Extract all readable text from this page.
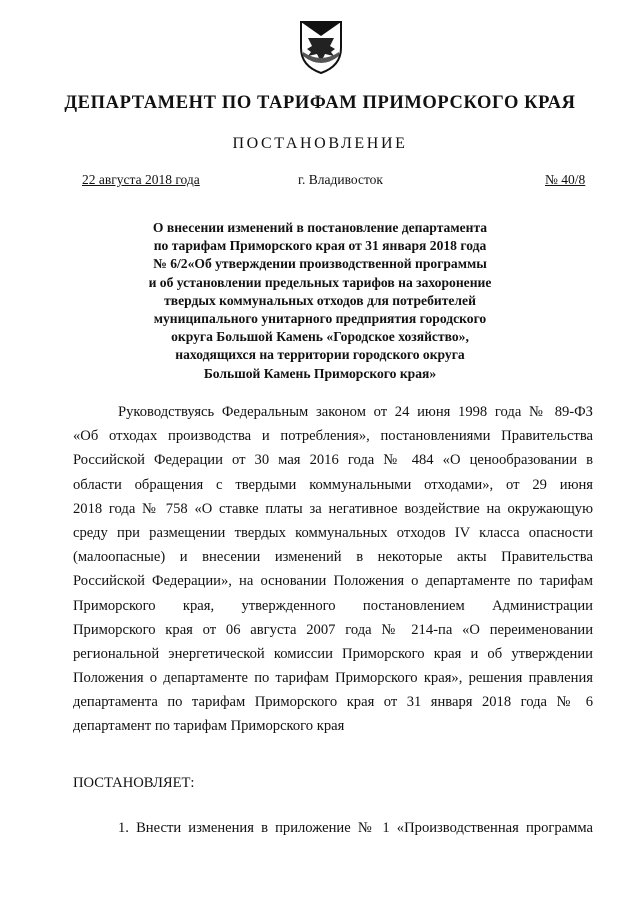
ДЕПАРТАМЕНТ ПО ТАРИФАМ ПРИМОРСКОГО КРАЯ
ПОСТАНОВЛЕНИЕ
22 августа 2018 года	г. Владивосток	№ 40/8
О внесении изменений в постановление департамента
по тарифам Приморского края от 31 января 2018 года
№ 6/2«Об утверждении производственной программы
и об установлении предельных тарифов на захоронение
твердых коммунальных отходов для потребителей
муниципального унитарного предприятия городского
округа Большой Камень «Городское хозяйство»,
находящихся на территории городского округа
Большой Камень Приморского края»
Руководствуясь Федеральным законом от 24 июня 1998 года № 89-ФЗ
«Об отходах производства и потребления», постановлениями Правительства
Российской Федерации от 30 мая 2016 года № 484 «О ценообразовании в
области обращения с твердыми коммунальными отходами», от 29 июня
2018 года № 758 «О ставке платы за негативное воздействие на окружающую
среду при размещении твердых коммунальных отходов IV класса опасности
(малоопасные) и внесении изменений в некоторые акты Правительства
Российской Федерации», на основании Положения о департаменте по тарифам
Приморского края, утвержденного постановлением Администрации
Приморского края от 06 августа 2007 года № 214-па «О переименовании
региональной энергетической комиссии Приморского края и об утверждении
Положения о департаменте по тарифам Приморского края», решения правления
департамента по тарифам Приморского края от 31 января 2018 года № 6
департамент по тарифам Приморского края
ПОСТАНОВЛЯЕТ:
1. Внести изменения в приложение № 1 «Производственная программа
